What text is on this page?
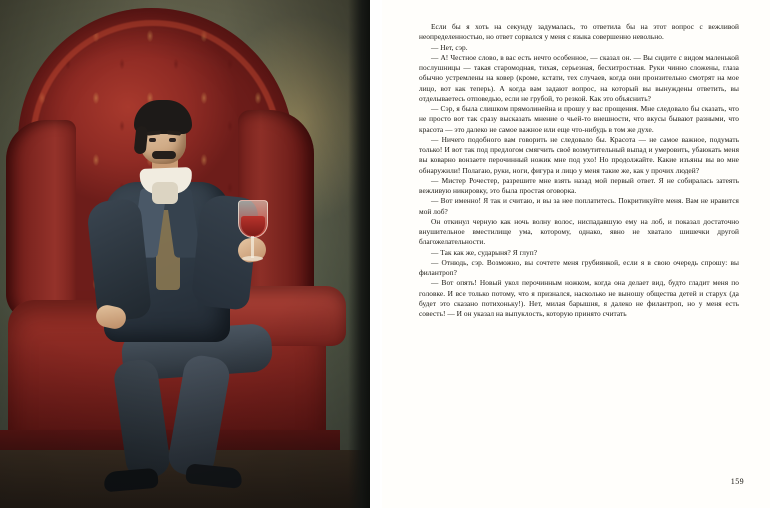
Если бы я хоть на секунду задумалась, то ответила бы на этот вопрос с вежливой неопределенностью, но ответ сорвался у меня с языка совершенно невольно.

— Нет, сэр.

— А! Честное слово, в вас есть нечто особенное, — сказал он. — Вы сидите с видом маленькой послушницы — такая старомодная, тихая, серьезная, бесхитростная. Руки чинно сложены, глаза обычно устремлены на ковер (кроме, кстати, тех случаев, когда они пронзительно смотрят на мое лицо, вот как теперь). А когда вам задают вопрос, на который вы вынуждены ответить, вы отделываетесь отповедью, если не грубой, то резкой. Как это объяснить?

— Сэр, я была слишком прямолинейна и прошу у вас прощения. Мне следовало бы сказать, что не просто вот так сразу высказать мнение о чьей-то внешности, что вкусы бывают разными, что красота — это далеко не самое важное или еще что-нибудь в том же духе.

— Ничего подобного вам говорить не следовало бы. Красота — не самое важное, подумать только! И вот так под предлогом смягчить своё возмутительный выпад и умеровить, убаюкать меня вы коварно вонзаете перочинный ножик мне под ухо! Но продолжайте. Какие изъяны вы во мне обнаружили! Полагаю, руки, ноги, фигура и лицо у меня такие же, как у прочих людей?

— Мистер Рочестер, разрешите мне взять назад мой первый ответ. Я не собиралась затеять вежливую никировку, это была простая оговорка.

— Вот именно! Я так и считаю, и вы за нее поплатитесь. Покритикуйте меня. Вам не нравится мой лоб?

Он откинул черную как ночь волну волос, ниспадавшую ему на лоб, и показал достаточно внушительное вместилище ума, которому, однако, явно не хватало шишечки другой благожелательности.

— Так как же, сударыня? Я глуп?

— Отнюдь, сэр. Возможно, вы сочтете меня грубиянкой, если я в свою очередь спрошу: вы филантроп?

— Вот опять! Новый укол перочинным ножком, когда она делает вид, будто гладит меня по головке. И все только потому, что я признался, насколько не выношу общества детей и старух (да будет это сказано потихоньку!). Нет, милая барышня, я далеко не филантроп, но у меня есть совесть! — И он указал на выпуклость, которую принято считать

159
